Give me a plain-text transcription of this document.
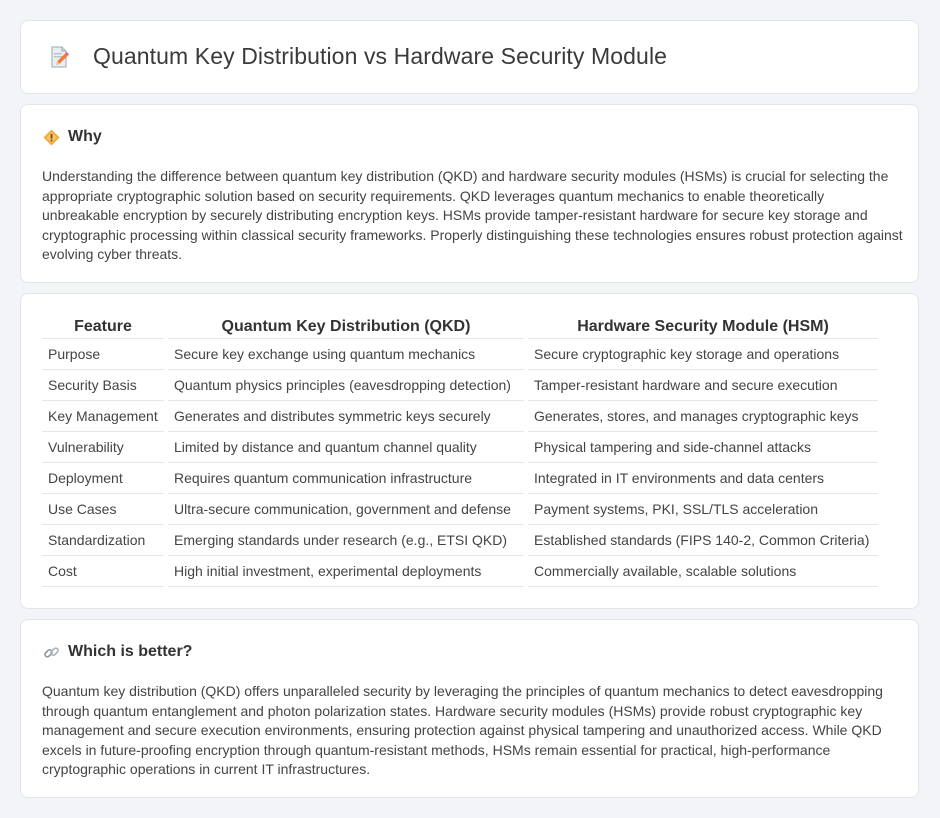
Quantum Key Distribution vs Hardware Security Module
Why

Understanding the difference between quantum key distribution (QKD) and hardware security modules (HSMs) is crucial for selecting the appropriate cryptographic solution based on security requirements. QKD leverages quantum mechanics to enable theoretically unbreakable encryption by securely distributing encryption keys. HSMs provide tamper-resistant hardware for secure key storage and cryptographic processing within classical security frameworks. Properly distinguishing these technologies ensures robust protection against evolving cyber threats.

Feature	Quantum Key Distribution (QKD)	Hardware Security Module (HSM)
Purpose	Secure key exchange using quantum mechanics	Secure cryptographic key storage and operations
Security Basis	Quantum physics principles (eavesdropping detection)	Tamper-resistant hardware and secure execution
Key Management	Generates and distributes symmetric keys securely	Generates, stores, and manages cryptographic keys
Vulnerability	Limited by distance and quantum channel quality	Physical tampering and side-channel attacks
Deployment	Requires quantum communication infrastructure	Integrated in IT environments and data centers
Use Cases	Ultra-secure communication, government and defense	Payment systems, PKI, SSL/TLS acceleration
Standardization	Emerging standards under research (e.g., ETSI QKD)	Established standards (FIPS 140-2, Common Criteria)
Cost	High initial investment, experimental deployments	Commercially available, scalable solutions
Which is better?

Quantum key distribution (QKD) offers unparalleled security by leveraging the principles of quantum mechanics to detect eavesdropping through quantum entanglement and photon polarization states. Hardware security modules (HSMs) provide robust cryptographic key management and secure execution environments, ensuring protection against physical tampering and unauthorized access. While QKD excels in future-proofing encryption through quantum-resistant methods, HSMs remain essential for practical, high-performance cryptographic operations in current IT infrastructures.
